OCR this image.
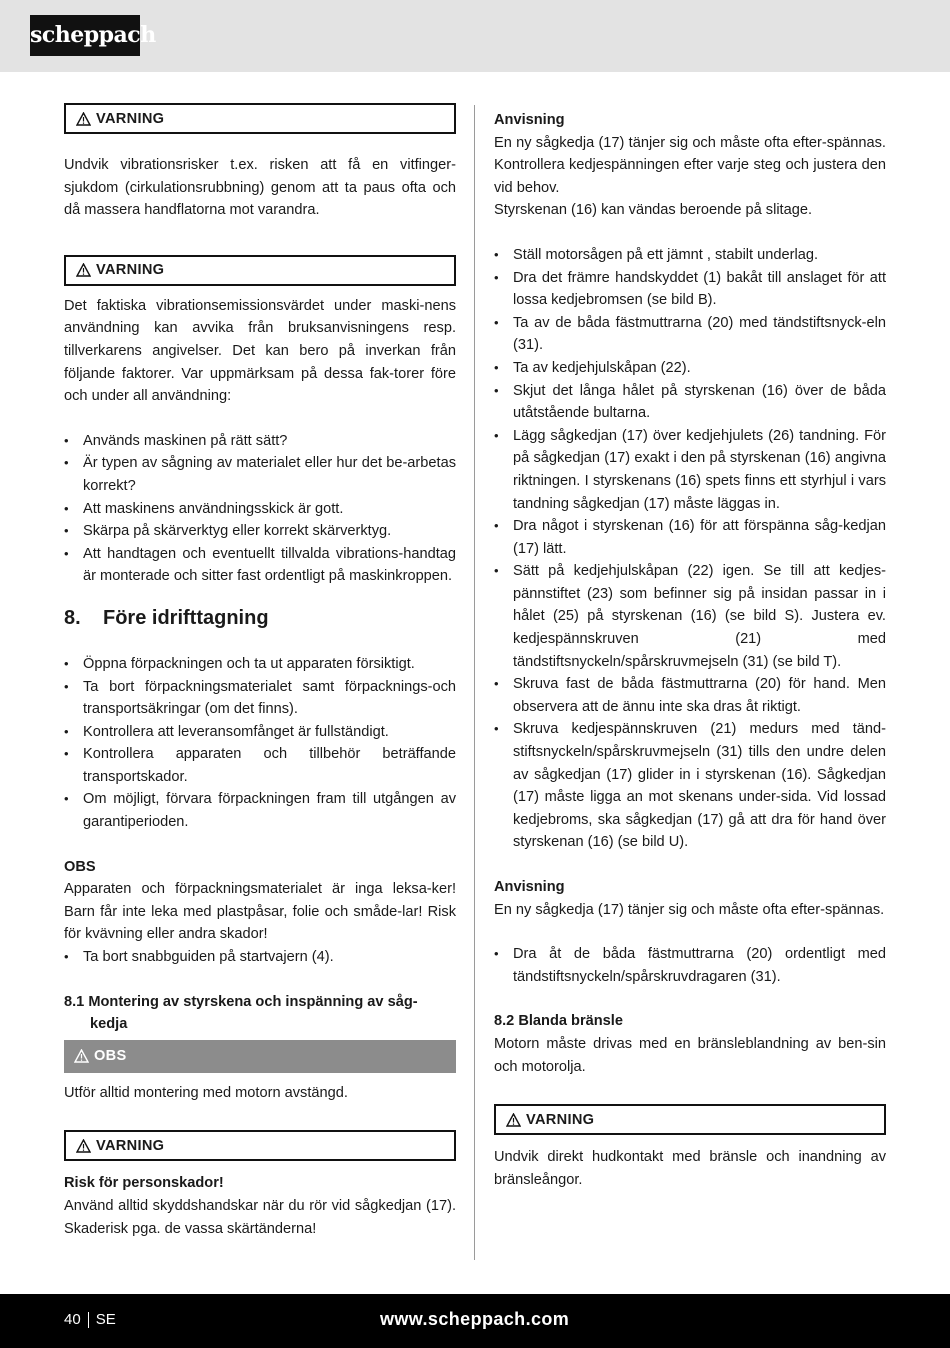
scheppach
VARNING

Undvik vibrationsrisker t.ex. risken att få en vitfinger-sjukdom (cirkulationsrubbning) genom att ta paus ofta och då massera handflatorna mot varandra.

VARNING

Det faktiska vibrationsemissionsvärdet under maski-nens användning kan avvika från bruksanvisningens resp. tillverkarens angivelser. Det kan bero på inverkan från följande faktorer. Var uppmärksam på dessa fak-torer före och under all användning:

• Används maskinen på rätt sätt?
• Är typen av sågning av materialet eller hur det be-arbetas korrekt?
• Att maskinens användningsskick är gott.
• Skärpa på skärverktyg eller korrekt skärverktyg.
• Att handtagen och eventuellt tillvalda vibrations-handtag är monterade och sitter fast ordentligt på maskinkroppen.
8.	Före idrifttagning
• Öppna förpackningen och ta ut apparaten försiktigt.
• Ta bort förpackningsmaterialet samt förpacknings-och transportsäkringar (om det finns).
• Kontrollera att leveransomfånget är fullständigt.
• Kontrollera apparaten och tillbehör beträffande transportskador.
• Om möjligt, förvara förpackningen fram till utgången av garantiperioden.
OBS

Apparaten och förpackningsmaterialet är inga leksa-ker! Barn får inte leka med plastpåsar, folie och småde-lar! Risk för kvävning eller andra skador!

• Ta bort snabbguiden på startvajern (4).
8.1 Montering av styrskena och inspänning av såg-
kedja
OBS

Utför alltid montering med motorn avstängd.

VARNING
Risk för personskador!

Använd alltid skyddshandskar när du rör vid sågkedjan (17). Skaderisk pga. de vassa skärtänderna!

Anvisning

En ny sågkedja (17) tänjer sig och måste ofta efter-spännas. Kontrollera kedjespänningen efter varje steg och justera den vid behov.

Styrskenan (16) kan vändas beroende på slitage.

• Ställ motorsågen på ett jämnt , stabilt underlag.
• Dra det främre handskyddet (1) bakåt till anslaget för att lossa kedjebromsen (se bild B).
• Ta av de båda fästmuttrarna (20) med tändstiftsnyck-eln (31).
• Ta av kedjehjulskåpan (22).
• Skjut det långa hålet på styrskenan (16) över de båda utåtstående bultarna.
• Lägg sågkedjan (17) över kedjehjulets (26) tandning. För på sågkedjan (17) exakt i den på styrskenan (16) angivna riktningen. I styrskenans (16) spets finns ett styrhjul i vars tandning sågkedjan (17) måste läggas in.
• Dra något i styrskenan (16) för att förspänna såg-kedjan (17) lätt.
• Sätt på kedjehjulskåpan (22) igen. Se till att kedjes-pännstiftet (23) som befinner sig på insidan passar in i hålet (25) på styrskenan (16) (se bild S). Justera ev. kedjespännskruven (21) med tändstiftsnyckeln/spårskruvmejseln (31) (se bild T).
• Skruva fast de båda fästmuttrarna (20) för hand. Men observera att de ännu inte ska dras åt riktigt.
• Skruva kedjespännskruven (21) medurs med tänd-stiftsnyckeln/spårskruvmejseln (31) tills den undre delen av sågkedjan (17) glider in i styrskenan (16). Sågkedjan (17) måste ligga an mot skenans under-sida. Vid lossad kedjebroms, ska sågkedjan (17) gå att dra för hand över styrskenan (16) (se bild U).
Anvisning

En ny sågkedja (17) tänjer sig och måste ofta efter-spännas.

• Dra åt de båda fästmuttrarna (20) ordentligt med tändstiftsnyckeln/spårskruvdragaren (31).
8.2 Blanda bränsle

Motorn måste drivas med en bränsleblandning av ben-sin och motorolja.

VARNING

Undvik direkt hudkontakt med bränsle och inandning av bränsleångor.

40 SE	www.scheppach.com
